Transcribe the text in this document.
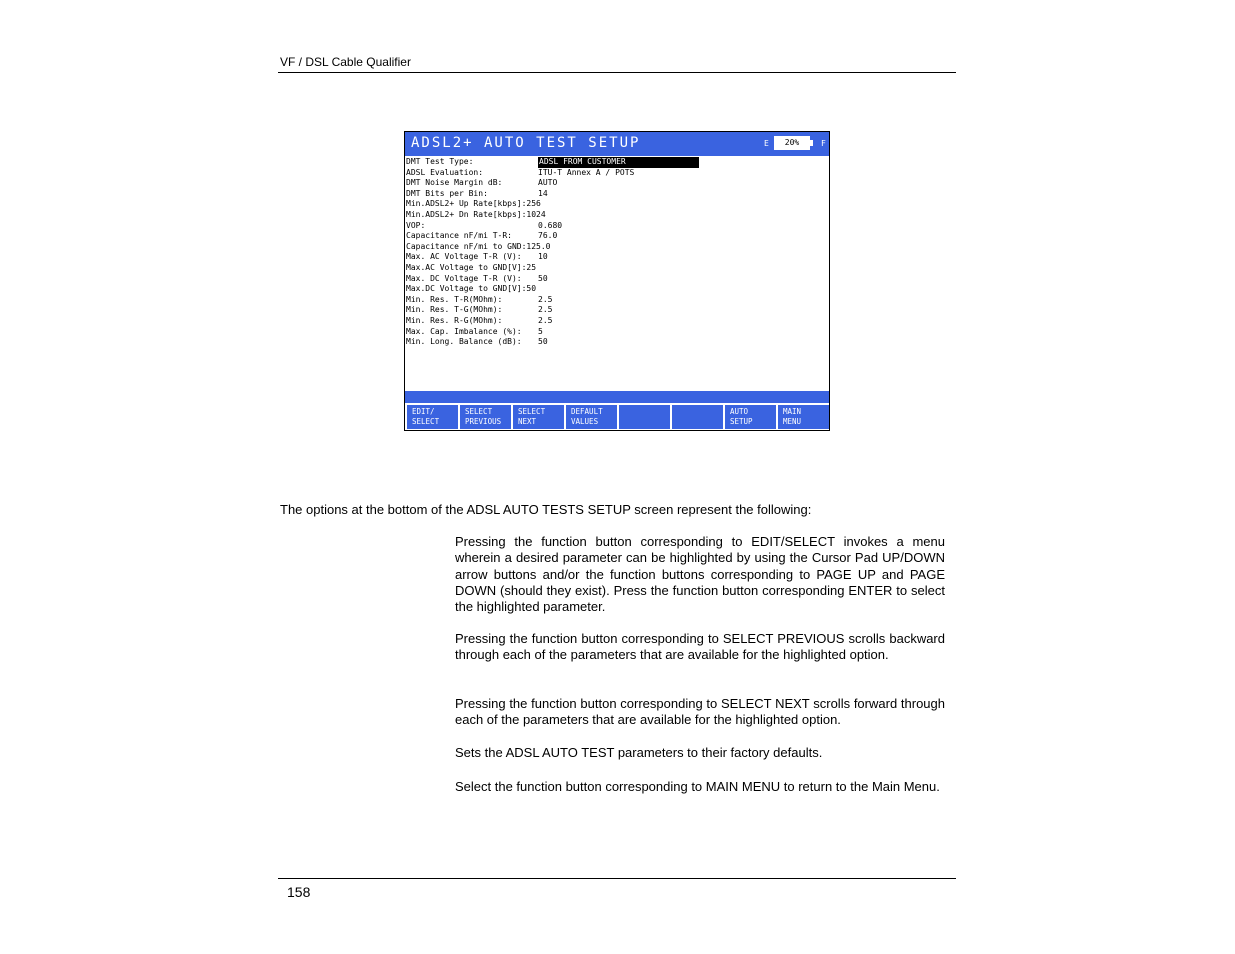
VF / DSL Cable Qualifier
ADSL2+ AUTO TEST SETUP	E	20%	F
DMT Test Type:	ADSL FROM CUSTOMER
ADSL Evaluation:	ITU-T Annex A / POTS
DMT Noise Margin dB:	AUTO
DMT Bits per Bin:	14
Min.ADSL2+ Up Rate[kbps]:256
Min.ADSL2+ Dn Rate[kbps]:1024
VOP:	0.680
Capacitance nF/mi T-R:	76.0
Capacitance nF/mi to GND:125.0
Max. AC Voltage T-R (V): 10
Max.AC Voltage to GND[V]:25
Max. DC Voltage T-R (V): 50
Max.DC Voltage to GND[V]:50
Min. Res. T-R(MOhm):	2.5
Min. Res. T-G(MOhm):	2.5
Min. Res. R-G(MOhm):	2.5
Max. Cap. Imbalance (%): 5
Min. Long. Balance (dB): 50
EDIT/
SELECT
SELECT
PREVIOUS
SELECT
NEXT
DEFAULT
VALUES
AUTO
SETUP
MAIN
MENU
The options at the bottom of the ADSL AUTO TESTS SETUP screen represent the following:
Pressing the function button corresponding to EDIT/SELECT invokes a menu wherein a desired parameter can be highlighted by using the Cursor Pad UP/DOWN arrow buttons and/or the function buttons corresponding to PAGE UP and PAGE DOWN (should they exist). Press the function button corresponding ENTER to select the highlighted parameter.
Pressing the function button corresponding to SELECT PREVIOUS scrolls backward through each of the parameters that are available for the highlighted option.
Pressing the function button corresponding to SELECT NEXT scrolls forward through each of the parameters that are available for the highlighted option.
Sets the ADSL AUTO TEST parameters to their factory defaults.
Select the function button corresponding to MAIN MENU to return to the Main Menu.
158
